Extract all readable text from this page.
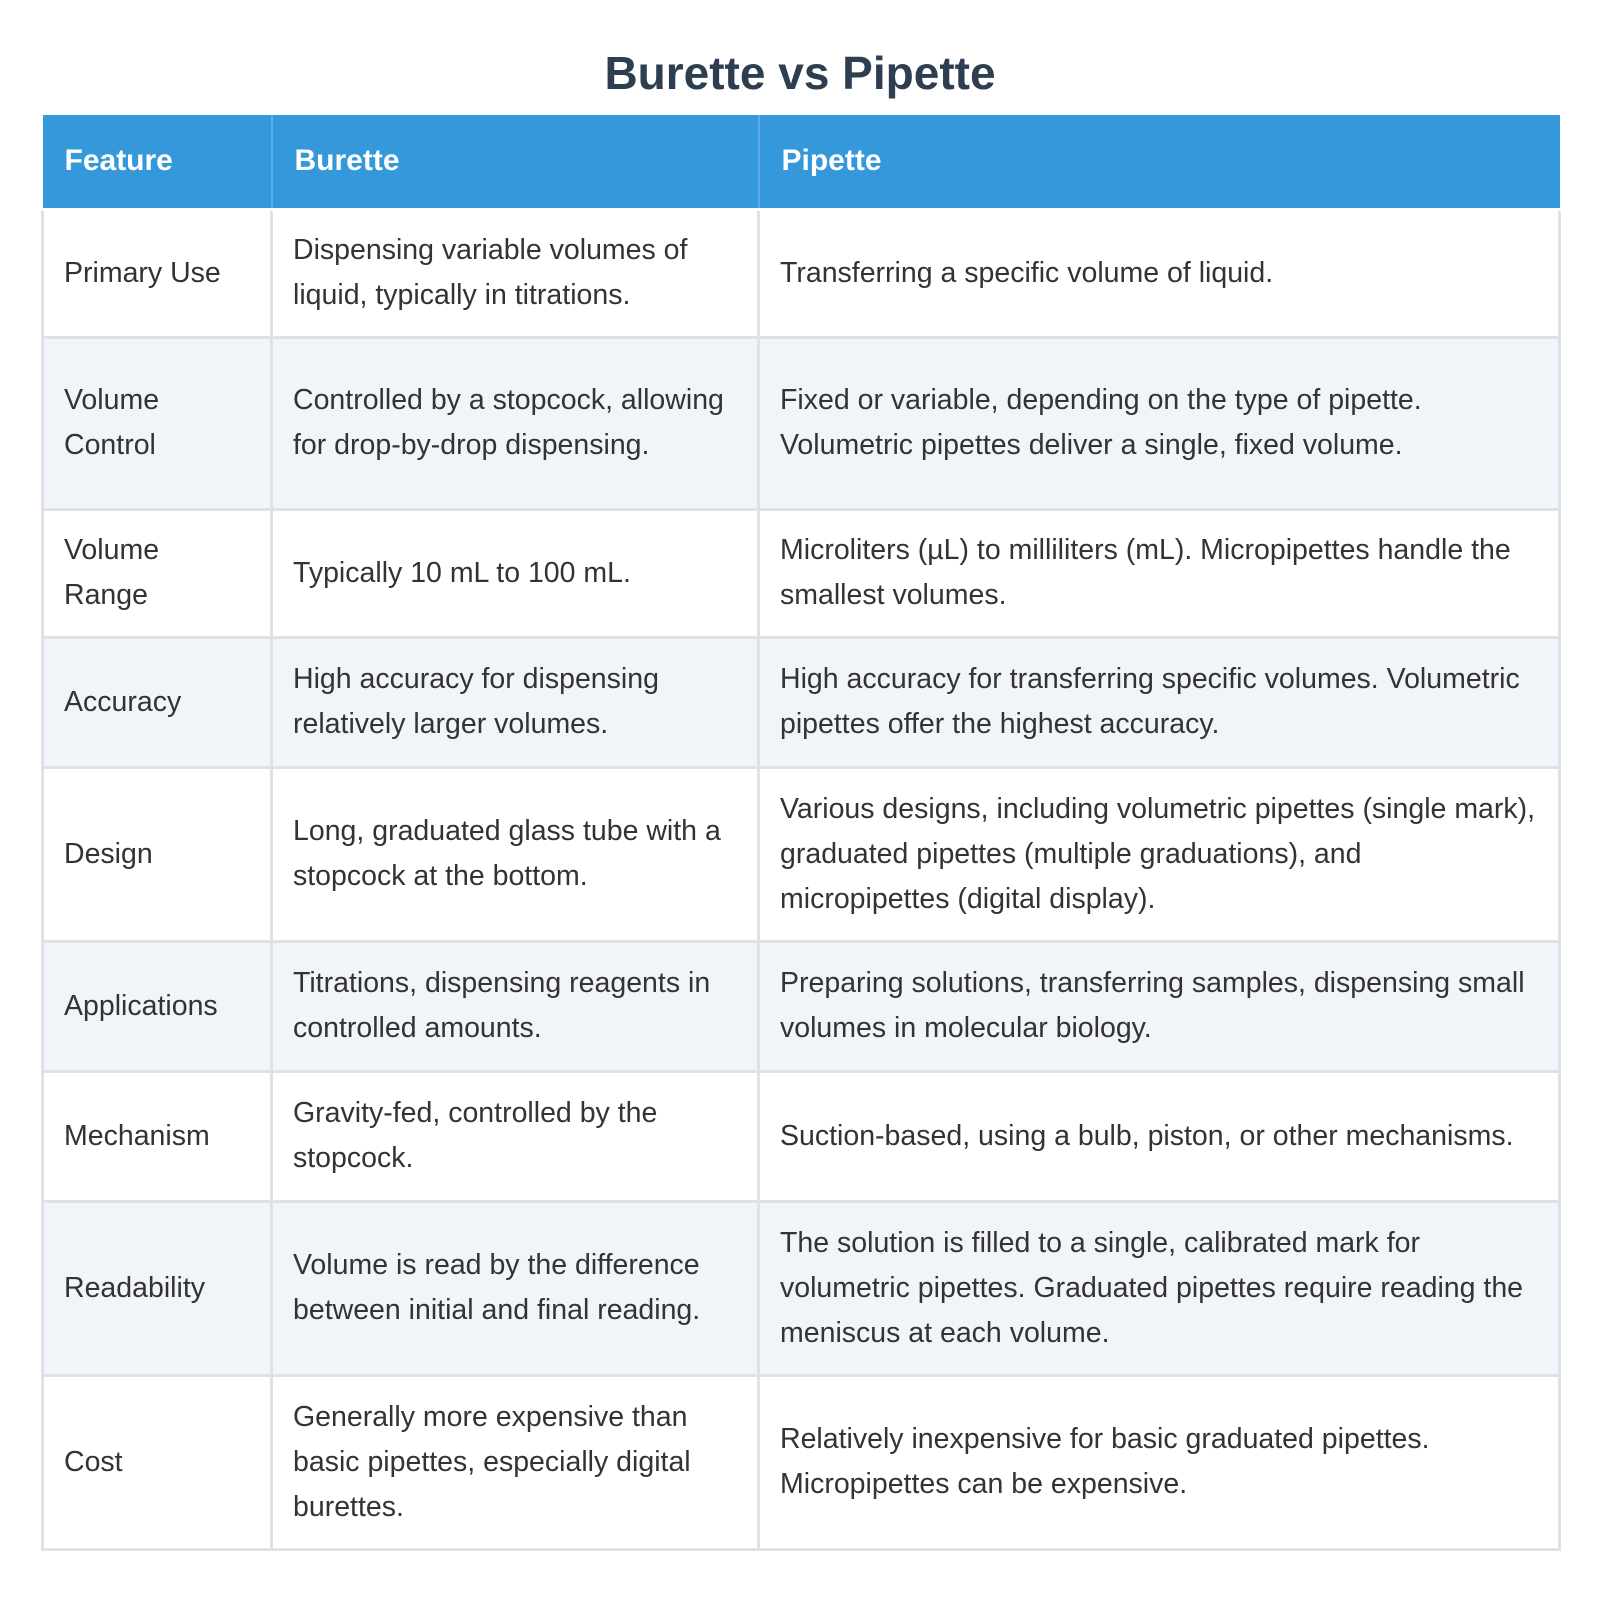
Burette vs Pipette
Feature	Burette	Pipette
Primary Use	Dispensing variable volumes of liquid, typically in titrations.	Transferring a specific volume of liquid.
Volume Control	Controlled by a stopcock, allowing for drop-by-drop dispensing.	Fixed or variable, depending on the type of pipette. Volumetric pipettes deliver a single, fixed volume.
Volume Range	Typically 10 mL to 100 mL.	Microliters (µL) to milliliters (mL). Micropipettes handle the smallest volumes.
Accuracy	High accuracy for dispensing relatively larger volumes.	High accuracy for transferring specific volumes. Volumetric pipettes offer the highest accuracy.
Design	Long, graduated glass tube with a stopcock at the bottom.	Various designs, including volumetric pipettes (single mark), graduated pipettes (multiple graduations), and micropipettes (digital display).
Applications	Titrations, dispensing reagents in controlled amounts.	Preparing solutions, transferring samples, dispensing small volumes in molecular biology.
Mechanism	Gravity-fed, controlled by the stopcock.	Suction-based, using a bulb, piston, or other mechanisms.
Readability	Volume is read by the difference between initial and final reading.	The solution is filled to a single, calibrated mark for volumetric pipettes. Graduated pipettes require reading the meniscus at each volume.
Cost	Generally more expensive than basic pipettes, especially digital burettes.	Relatively inexpensive for basic graduated pipettes. Micropipettes can be expensive.
